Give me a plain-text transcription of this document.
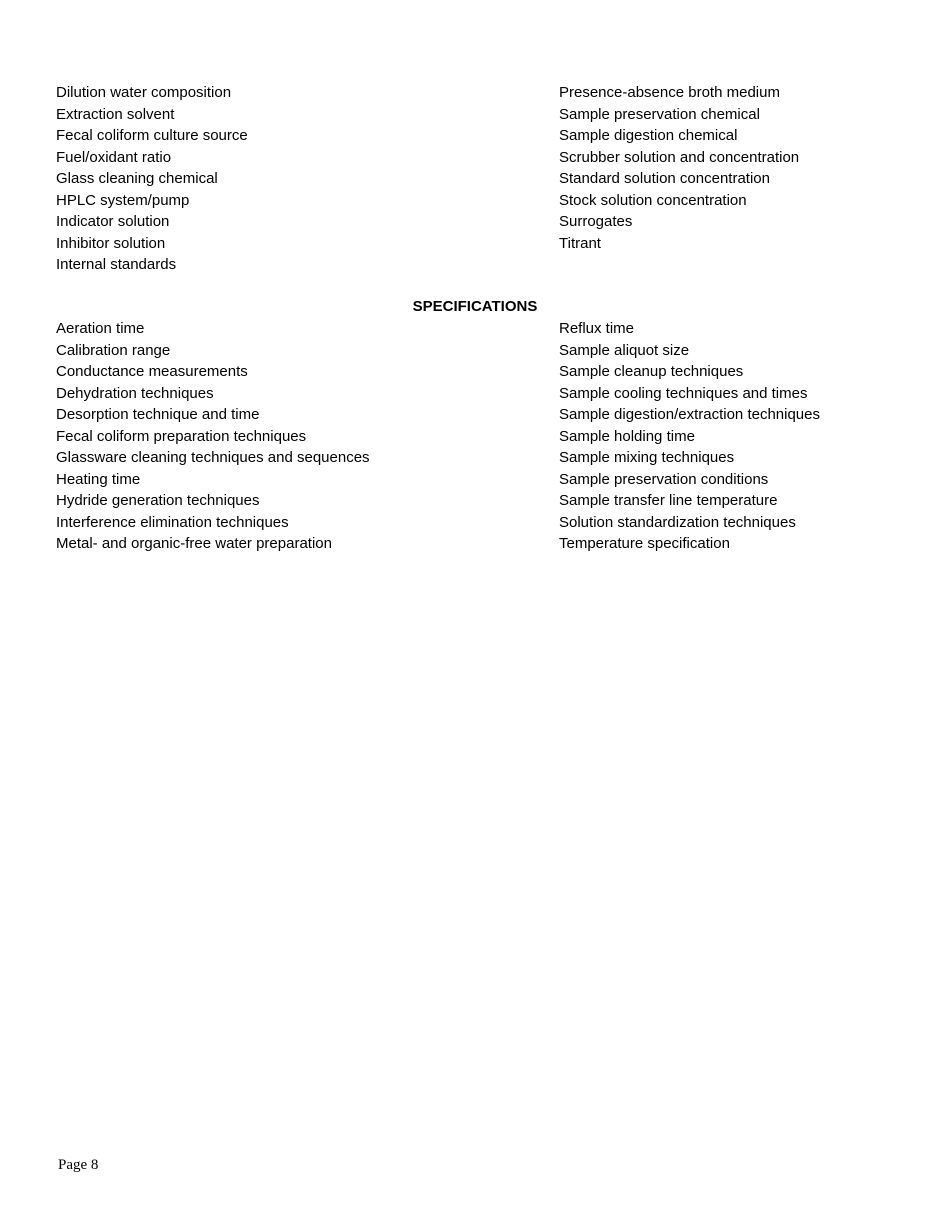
Dilution water composition
Extraction solvent
Fecal coliform culture source
Fuel/oxidant ratio
Glass cleaning chemical
HPLC system/pump
Indicator solution
Inhibitor solution
Internal standards
Presence-absence broth medium
Sample preservation chemical
Sample digestion chemical
Scrubber solution and concentration
Standard solution concentration
Stock solution concentration
Surrogates
Titrant
SPECIFICATIONS
Aeration time
Calibration range
Conductance measurements
Dehydration techniques
Desorption technique and time
Fecal coliform preparation techniques
Glassware cleaning techniques and sequences
Heating time
Hydride generation techniques
Interference elimination techniques
Metal- and organic-free water preparation
Reflux time
Sample aliquot size
Sample cleanup techniques
Sample cooling techniques and times
Sample digestion/extraction techniques
Sample holding time
Sample mixing techniques
Sample preservation conditions
Sample transfer line temperature
Solution standardization techniques
Temperature specification
Page 8
